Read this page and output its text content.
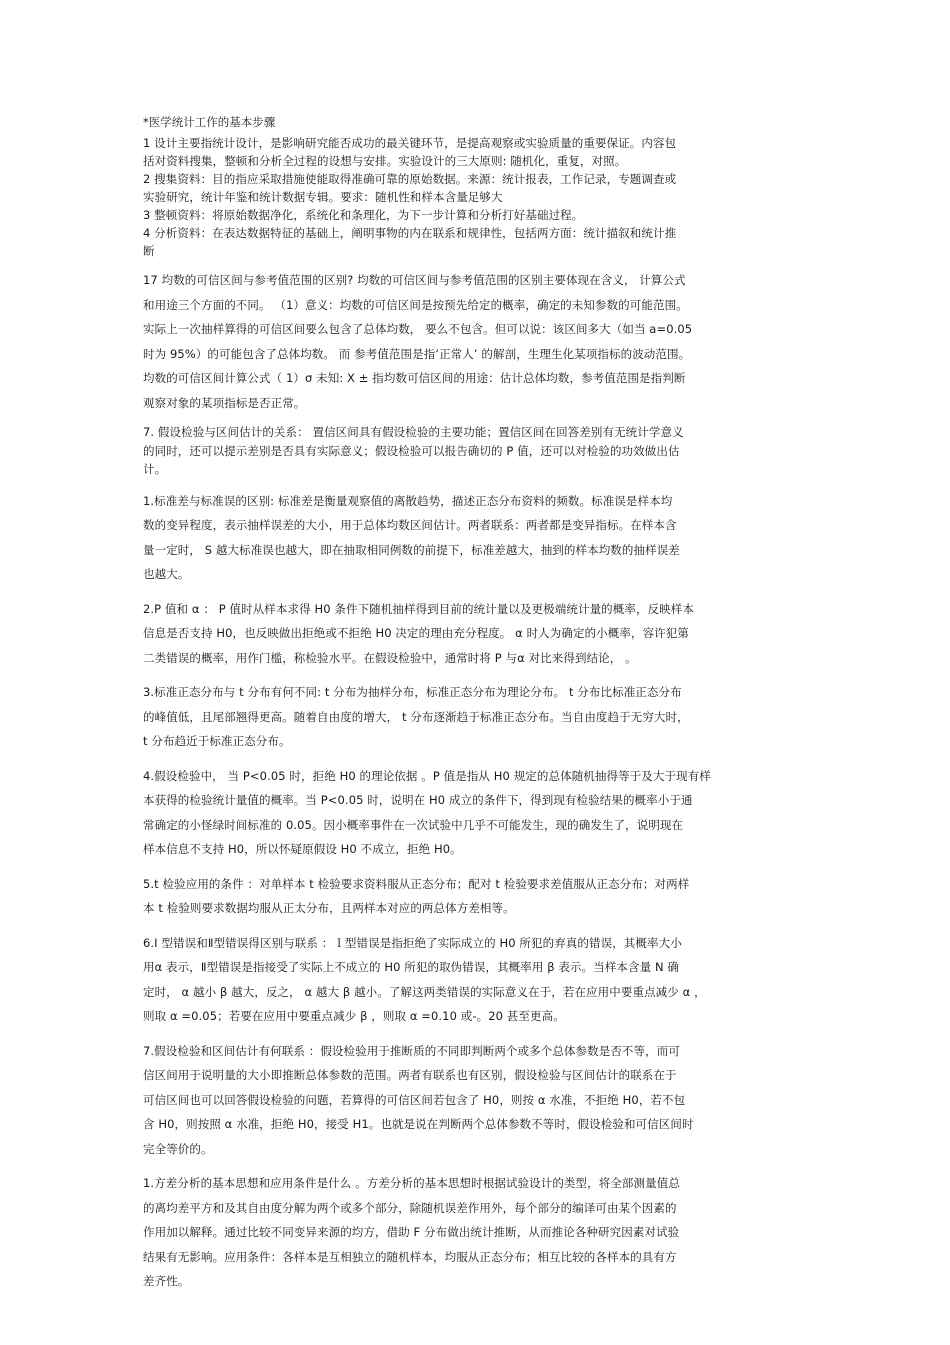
*医学统计工作的基本步骤
1 设计主要指统计设计，是影响研究能否成功的最关键环节，是提高观察或实验质量的重要保证。内容包
括对资料搜集，整顿和分析全过程的设想与安排。实验设计的三大原则: 随机化，重复，对照。
2 搜集资料：目的指应采取措施使能取得准确可靠的原始数据。来源：统计报表，工作记录，专题调查或
实验研究，统计年鉴和统计数据专辑。要求：随机性和样本含量足够大
3 整顿资料：将原始数据净化，系统化和条理化，为下一步计算和分析打好基础过程。
4 分析资料：在表达数据特征的基础上，阐明事物的内在联系和规律性，包括两方面：统计描叙和统计推
断
17 均数的可信区间与参考值范围的区别? 均数的可信区间与参考值范围的区别主要体现在含义， 计算公式
和用途三个方面的不同。 （1）意义：均数的可信区间是按预先给定的概率，确定的未知参数的可能范围。
实际上一次抽样算得的可信区间要么包含了总体均数， 要么不包含。但可以说：该区间多大（如当 a=0.05
时为 95%）的可能包含了总体均数。 而 参考值范围是指‘正常人’ 的解剖，生理生化某项指标的波动范围。
均数的可信区间计算公式（ 1）σ 未知: X ± 指均数可信区间的用途：估计总体均数，参考值范围是指判断
观察对象的某项指标是否正常。
7. 假设检验与区间估计的关系： 置信区间具有假设检验的主要功能；置信区间在回答差别有无统计学意义
的同时，还可以提示差别是否具有实际意义；假设检验可以报告确切的 P 值，还可以对检验的功效做出估
计。
1.标准差与标准误的区别: 标准差是衡量观察值的离散趋势，描述正态分布资料的频数。标准误是样本均
数的变异程度，表示抽样误差的大小，用于总体均数区间估计。两者联系：两者都是变异指标。在样本含
量一定时， S 越大标准误也越大，即在抽取相同例数的前提下，标准差越大，抽到的样本均数的抽样误差
也越大。
2.P 值和 α ： P 值时从样本求得 H0 条件下随机抽样得到目前的统计量以及更极端统计量的概率，反映样本
信息是否支持 H0，也反映做出拒绝或不拒绝 H0 决定的理由充分程度。 α 时人为确定的小概率，容许犯第
二类错误的概率，用作门槛，称检验水平。在假设检验中，通常时将 P 与α 对比来得到结论， 。
3.标准正态分布与 t 分布有何不同: t 分布为抽样分布，标准正态分布为理论分布。 t 分布比标准正态分布
的峰值低，且尾部翘得更高。随着自由度的增大， t 分布逐渐趋于标准正态分布。当自由度趋于无穷大时，
t 分布趋近于标准正态分布。
4.假设检验中， 当 P<0.05 时，拒绝 H0 的理论依据 。P 值是指从 H0 规定的总体随机抽得等于及大于现有样
本获得的检验统计量值的概率。当 P<0.05 时，说明在 H0 成立的条件下，得到现有检验结果的概率小于通
常确定的小怪绿时间标准的 0.05。因小概率事件在一次试验中几乎不可能发生，现的确发生了，说明现在
样本信息不支持 H0，所以怀疑原假设 H0 不成立，拒绝 H0。
5.t 检验应用的条件 ：对单样本 t 检验要求资料服从正态分布；配对 t 检验要求差值服从正态分布；对两样
本 t 检验则要求数据均服从正太分布，且两样本对应的两总体方差相等。
6.I 型错误和Ⅱ型错误得区别与联系 ：Ｉ型错误是指拒绝了实际成立的 H0 所犯的弃真的错误，其概率大小
用α 表示，Ⅱ型错误是指接受了实际上不成立的 H0 所犯的取伪错误，其概率用 β 表示。当样本含量 N 确
定时， α 越小 β 越大，反之， α 越大 β 越小。了解这两类错误的实际意义在于，若在应用中要重点减少 α ，
则取 α =0.05；若要在应用中要重点减少 β ，则取 α =0.10 或-。20 甚至更高。
7.假设检验和区间估计有何联系 ：假设检验用于推断质的不同即判断两个或多个总体参数是否不等，而可
信区间用于说明量的大小即推断总体参数的范围。两者有联系也有区别，假设检验与区间估计的联系在于
可信区间也可以回答假设检验的问题，若算得的可信区间若包含了 H0，则按 α 水准，不拒绝 H0，若不包
含 H0，则按照 α 水准，拒绝 H0，接受 H1。也就是说在判断两个总体参数不等时，假设检验和可信区间时
完全等价的。
1.方差分析的基本思想和应用条件是什么 。方差分析的基本思想时根据试验设计的类型，将全部测量值总
的离均差平方和及其自由度分解为两个或多个部分，除随机误差作用外，每个部分的编译可由某个因素的
作用加以解释。通过比较不同变异来源的均方，借助 F 分布做出统计推断，从而推论各种研究因素对试验
结果有无影响。应用条件：各样本是互相独立的随机样本，均服从正态分布；相互比较的各样本的具有方
差齐性。
